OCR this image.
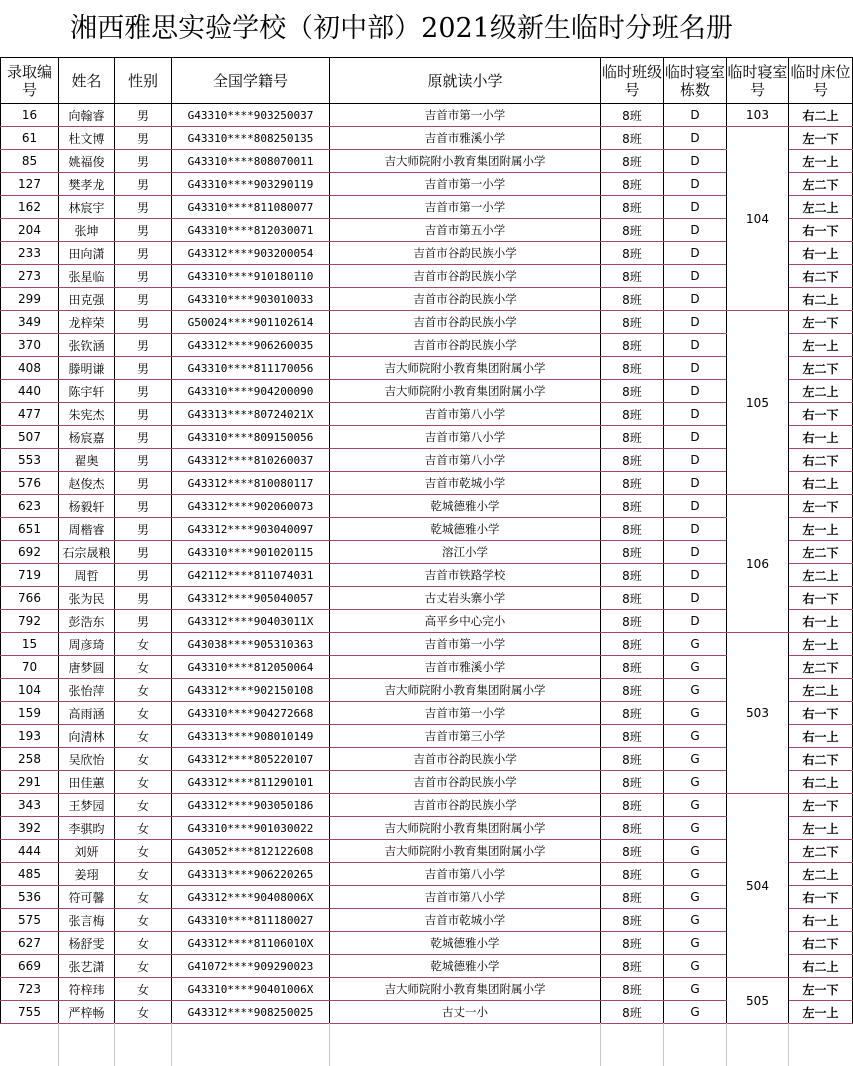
湘西雅思实验学校（初中部）2021级新生临时分班名册
录取编号	姓名	性别	全国学籍号	原就读小学	临时班级号	临时寝室栋数	临时寝室号	临时床位号
16	向翰睿	男	G43310****903250037	吉首市第一小学	8班	D	103	右二上
61	杜文博	男	G43310****808250135	吉首市雅溪小学	8班	D	104	左一下
85	姚福俊	男	G43310****808070011	吉大师院附小教育集团附属小学	8班	D		左一上
127	樊孝龙	男	G43310****903290119	吉首市第一小学	8班	D		左二下
162	林宸宇	男	G43310****811080077	吉首市第一小学	8班	D		左二上
204	张坤	男	G43310****812030071	吉首市第五小学	8班	D		右一下
233	田向潇	男	G43312****903200054	吉首市谷韵民族小学	8班	D		右一上
273	张星临	男	G43310****910180110	吉首市谷韵民族小学	8班	D		右二下
299	田克强	男	G43310****903010033	吉首市谷韵民族小学	8班	D		右二上
349	龙梓荣	男	G50024****901102614	吉首市谷韵民族小学	8班	D	105	左一下
370	张钦涵	男	G43312****906260035	吉首市谷韵民族小学	8班	D		左一上
408	滕明谦	男	G43310****811170056	吉大师院附小教育集团附属小学	8班	D		左二下
440	陈宇轩	男	G43310****904200090	吉大师院附小教育集团附属小学	8班	D		左二上
477	朱宪杰	男	G43313****80724021X	吉首市第八小学	8班	D		右一下
507	杨宸嘉	男	G43310****809150056	吉首市第八小学	8班	D		右一上
553	翟奥	男	G43312****810260037	吉首市第八小学	8班	D		右二下
576	赵俊杰	男	G43312****810080117	吉首市乾城小学	8班	D		右二上
623	杨毅轩	男	G43312****902060073	乾城德雅小学	8班	D	106	左一下
651	周楷睿	男	G43312****903040097	乾城德雅小学	8班	D		左一上
692	石宗晟粮	男	G43310****901020115	溶江小学	8班	D		左二下
719	周哲	男	G42112****811074031	吉首市铁路学校	8班	D		左二上
766	张为民	男	G43312****905040057	古丈岩头寨小学	8班	D		右一下
792	彭浩东	男	G43312****90403011X	高平乡中心完小	8班	D		右一上
15	周彦琦	女	G43038****905310363	吉首市第一小学	8班	G	503	左一上
70	唐梦圆	女	G43310****812050064	吉首市雅溪小学	8班	G		左二下
104	张怡萍	女	G43312****902150108	吉大师院附小教育集团附属小学	8班	G		左二上
159	高雨涵	女	G43310****904272668	吉首市第一小学	8班	G		右一下
193	向清林	女	G43313****908010149	吉首市第三小学	8班	G		右一上
258	吴欣怡	女	G43312****805220107	吉首市谷韵民族小学	8班	G		右二下
291	田佳蕙	女	G43312****811290101	吉首市谷韵民族小学	8班	G		右二上
343	王梦园	女	G43312****903050186	吉首市谷韵民族小学	8班	G	504	左一下
392	李骐昀	女	G43310****901030022	吉大师院附小教育集团附属小学	8班	G		左一上
444	刘妍	女	G43052****812122608	吉大师院附小教育集团附属小学	8班	G		左二下
485	姜珝	女	G43313****906220265	吉首市第八小学	8班	G		左二上
536	符可馨	女	G43312****90408006X	吉首市第八小学	8班	G		右一下
575	张言梅	女	G43310****811180027	吉首市乾城小学	8班	G		右一上
627	杨舒雯	女	G43312****81106010X	乾城德雅小学	8班	G		右二下
669	张艺潇	女	G41072****909290023	乾城德雅小学	8班	G		右二上
723	符梓玮	女	G43310****90401006X	吉大师院附小教育集团附属小学	8班	G	505	左一下
755	严梓畅	女	G43312****908250025	古丈一小	8班	G		左一上
